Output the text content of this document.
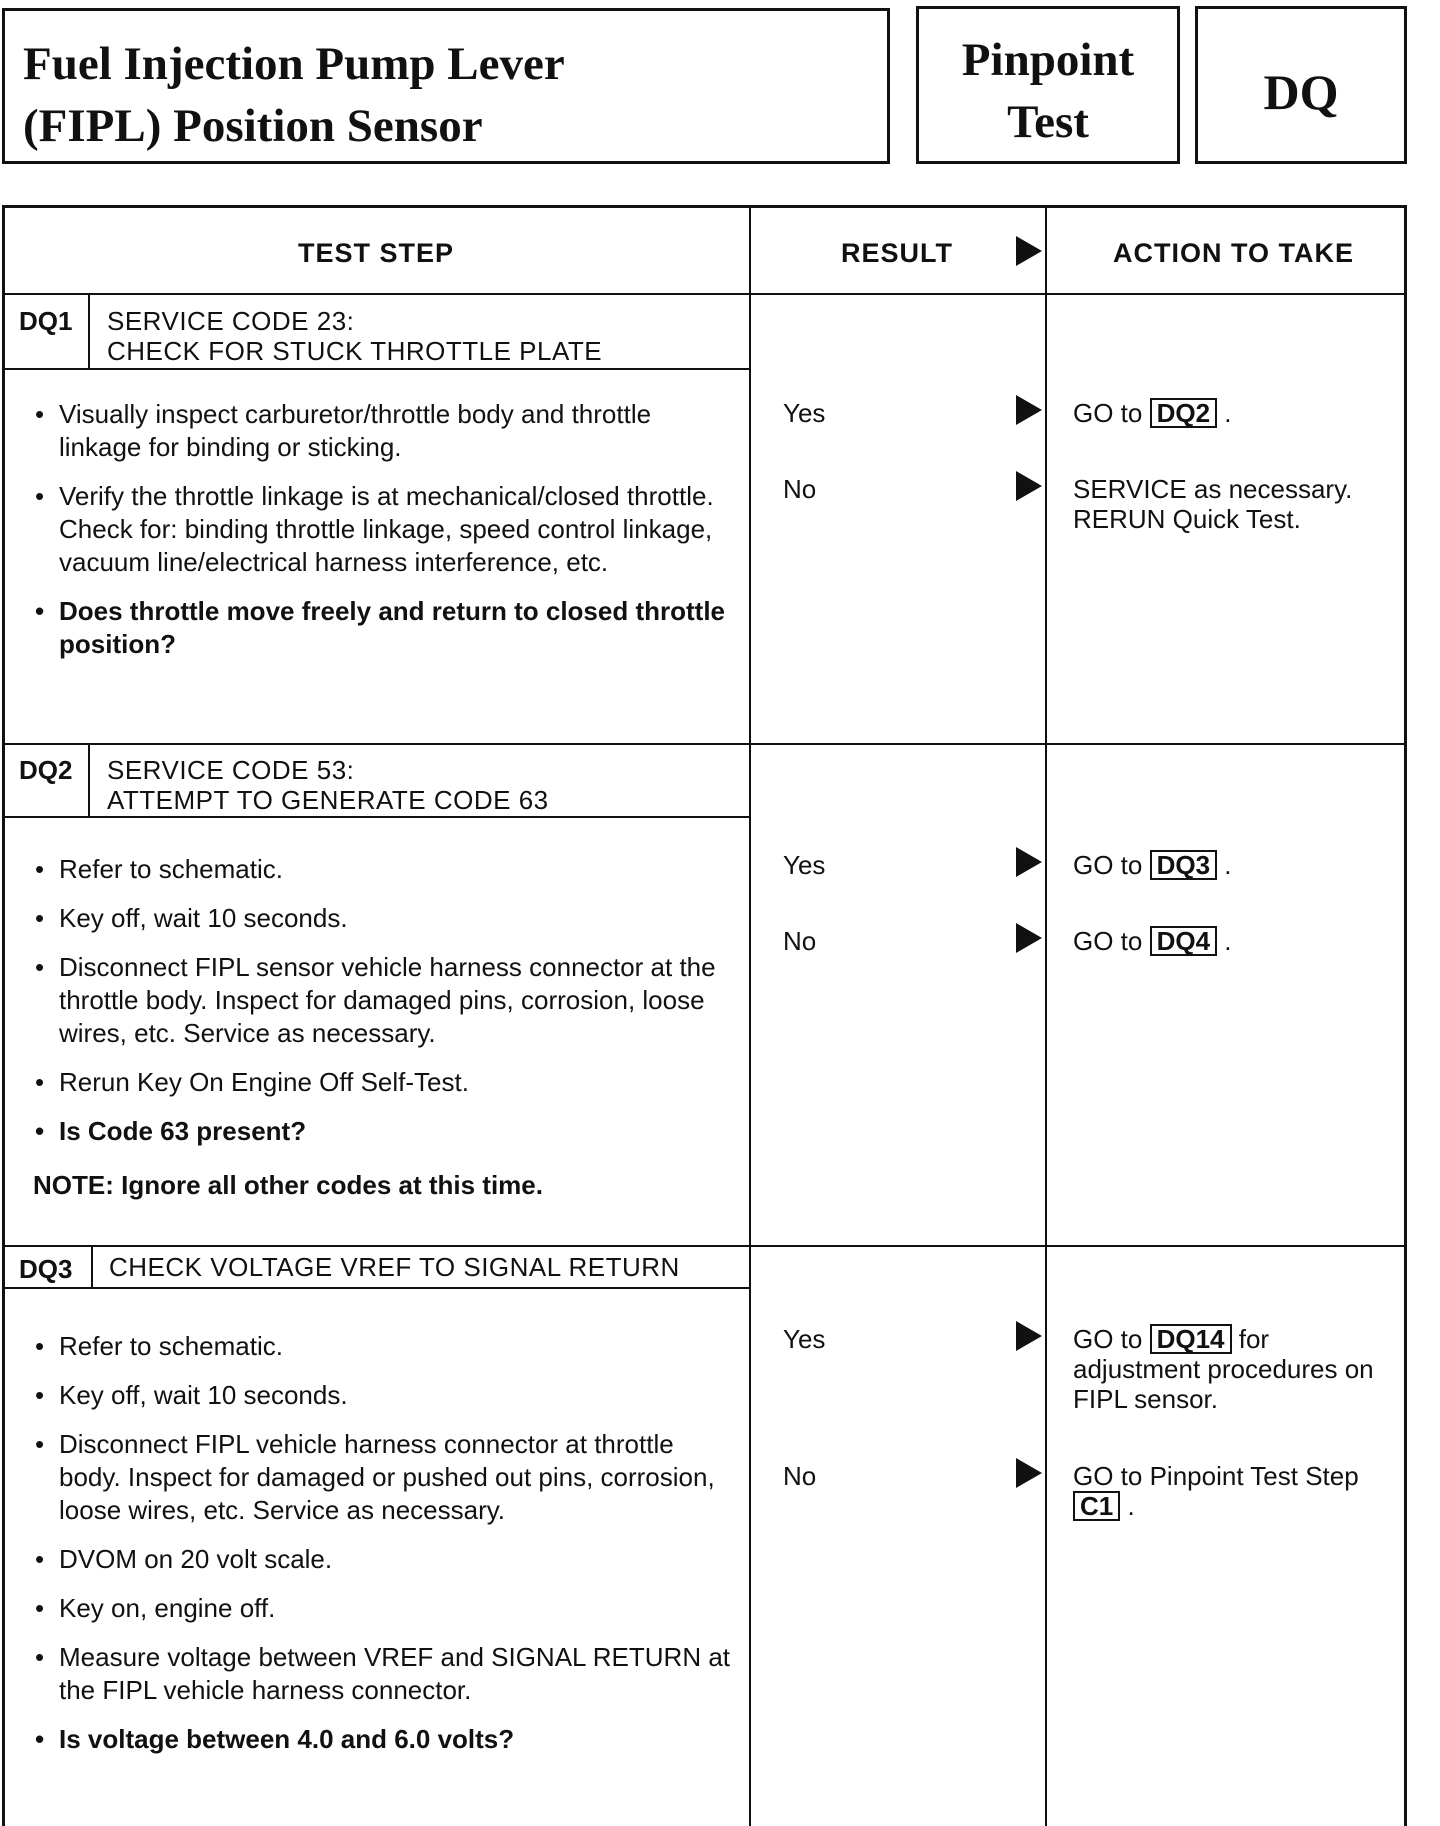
Fuel Injection Pump Lever
(FIPL) Position Sensor
Pinpoint
Test
DQ
TEST STEP	RESULT	ACTION TO TAKE
DQ1 SERVICE CODE 23:
CHECK FOR STUCK THROTTLE PLATE
• Visually inspect carburetor/throttle body and throttle linkage for binding or sticking.
• Verify the throttle linkage is at mechanical/closed throttle. Check for: binding throttle linkage, speed control linkage, vacuum line/electrical harness interference, etc.
• Does throttle move freely and return to closed throttle position?
Yes	GO to DQ2 .
No	SERVICE as necessary. RERUN Quick Test.
DQ2 SERVICE CODE 53:
ATTEMPT TO GENERATE CODE 63
• Refer to schematic.
• Key off, wait 10 seconds.
• Disconnect FIPL sensor vehicle harness connector at the throttle body. Inspect for damaged pins, corrosion, loose wires, etc. Service as necessary.
• Rerun Key On Engine Off Self-Test.
• Is Code 63 present?
NOTE: Ignore all other codes at this time.
Yes	GO to DQ3 .
No	GO to DQ4 .
DQ3 CHECK VOLTAGE VREF TO SIGNAL RETURN
• Refer to schematic.
• Key off, wait 10 seconds.
• Disconnect FIPL vehicle harness connector at throttle body. Inspect for damaged or pushed out pins, corrosion, loose wires, etc. Service as necessary.
• DVOM on 20 volt scale.
• Key on, engine off.
• Measure voltage between VREF and SIGNAL RETURN at the FIPL vehicle harness connector.
• Is voltage between 4.0 and 6.0 volts?
Yes	GO to DQ14 for adjustment procedures on FIPL sensor.
No	GO to Pinpoint Test Step C1 .
